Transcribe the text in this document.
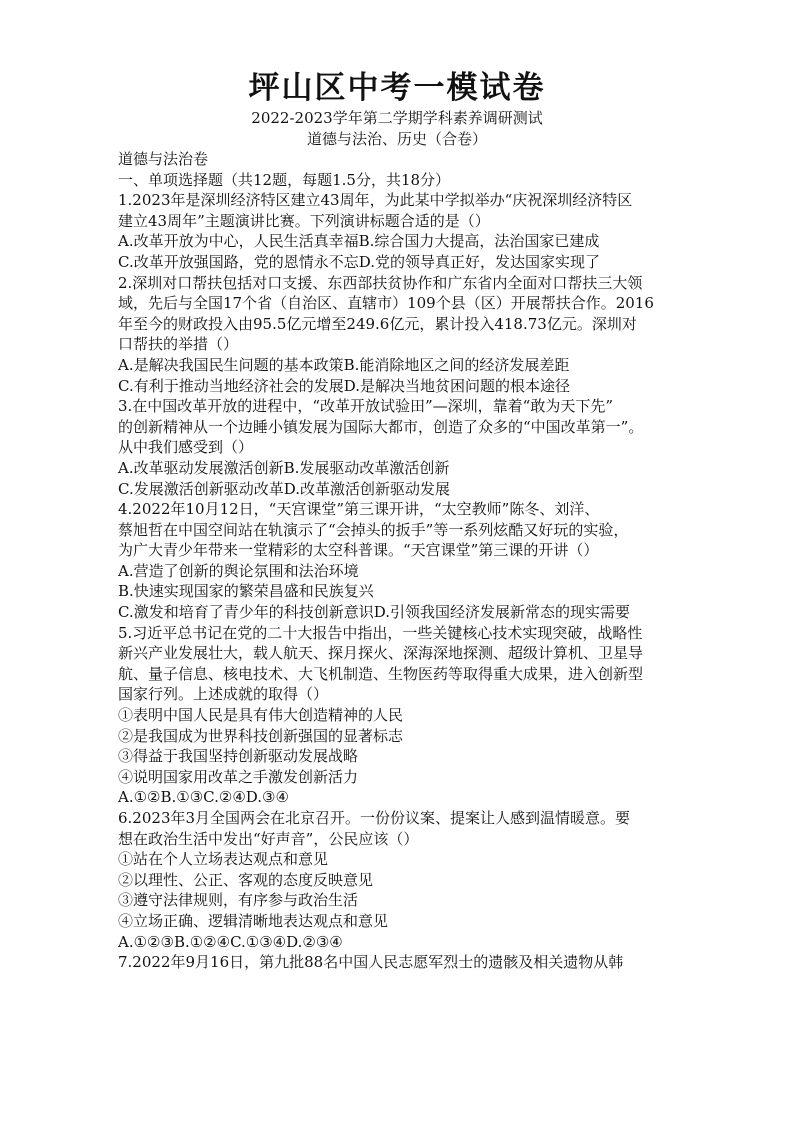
坪山区中考一模试卷
2022-2023学年第二学期学科素养调研测试
道德与法治、历史（合卷）
道德与法治卷
一、单项选择题（共12题，每题1.5分，共18分）
1.2023年是深圳经济特区建立43周年，为此某中学拟举办“庆祝深圳经济特区
建立43周年”主题演讲比赛。下列演讲标题合适的是（）
A.改革开放为中心，人民生活真幸福B.综合国力大提高，法治国家已建成
C.改革开放强国路，党的恩情永不忘D.党的领导真正好，发达国家实现了
2.深圳对口帮扶包括对口支援、东西部扶贫协作和广东省内全面对口帮扶三大领
域，先后与全国17个省（自治区、直辖市）109个县（区）开展帮扶合作。2016
年至今的财政投入由95.5亿元增至249.6亿元，累计投入418.73亿元。深圳对
口帮扶的举措（）
A.是解决我国民生问题的基本政策B.能消除地区之间的经济发展差距
C.有利于推动当地经济社会的发展D.是解决当地贫困问题的根本途径
3.在中国改革开放的进程中，“改革开放试验田”—深圳，靠着“敢为天下先”
的创新精神从一个边睡小镇发展为国际大都市，创造了众多的“中国改革第一”。
从中我们感受到（）
A.改革驱动发展激活创新B.发展驱动改革激活创新
C.发展激活创新驱动改革D.改革激活创新驱动发展
4.2022年10月12日，“天宫课堂”第三课开讲，“太空教师”陈冬、刘洋、
蔡旭哲在中国空间站在轨演示了“会掉头的扳手”等一系列炫酷又好玩的实验，
为广大青少年带来一堂精彩的太空科普课。“天宫课堂”第三课的开讲（）
A.营造了创新的舆论氛围和法治环境
B.快速实现国家的繁荣昌盛和民族复兴
C.激发和培育了青少年的科技创新意识D.引领我国经济发展新常态的现实需要
5.习近平总书记在党的二十大报告中指出，一些关键核心技术实现突破，战略性
新兴产业发展壮大，载人航天、探月探火、深海深地探测、超级计算机、卫星导
航、量子信息、核电技术、大飞机制造、生物医药等取得重大成果，进入创新型
国家行列。上述成就的取得（）
①表明中国人民是具有伟大创造精神的人民
②是我国成为世界科技创新强国的显著标志
③得益于我国坚持创新驱动发展战略
④说明国家用改革之手激发创新活力
A.①②B.①③C.②④D.③④
6.2023年3月全国两会在北京召开。一份份议案、提案让人感到温情暖意。要
想在政治生活中发出“好声音”，公民应该（）
①站在个人立场表达观点和意见
②以理性、公正、客观的态度反映意见
③遵守法律规则，有序参与政治生活
④立场正确、逻辑清晰地表达观点和意见
A.①②③B.①②④C.①③④D.②③④
7.2022年9月16日，第九批88名中国人民志愿军烈士的遗骸及相关遗物从韩
